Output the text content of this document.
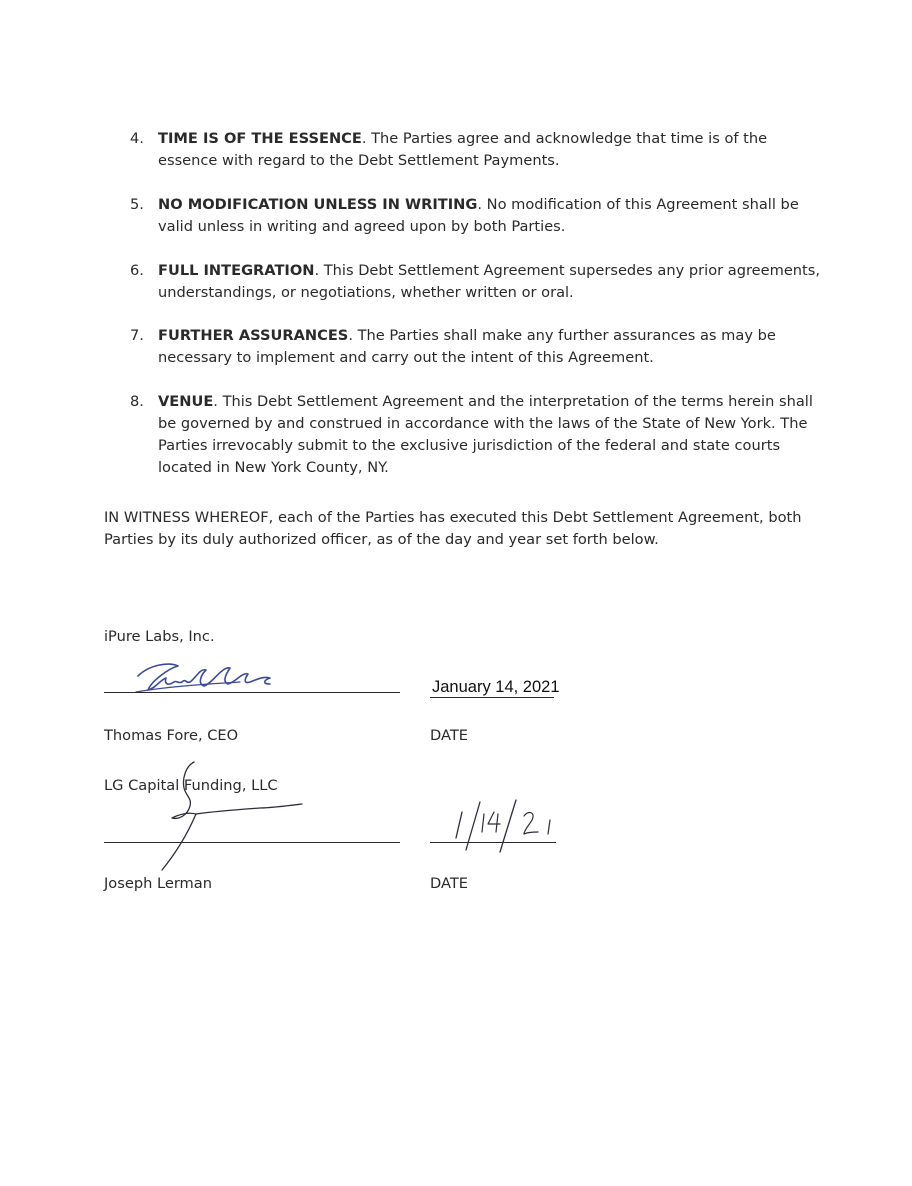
4. TIME IS OF THE ESSENCE. The Parties agree and acknowledge that time is of the essence with regard to the Debt Settlement Payments.
5. NO MODIFICATION UNLESS IN WRITING. No modification of this Agreement shall be valid unless in writing and agreed upon by both Parties.
6. FULL INTEGRATION. This Debt Settlement Agreement supersedes any prior agreements, understandings, or negotiations, whether written or oral.
7. FURTHER ASSURANCES. The Parties shall make any further assurances as may be necessary to implement and carry out the intent of this Agreement.
8. VENUE. This Debt Settlement Agreement and the interpretation of the terms herein shall be governed by and construed in accordance with the laws of the State of New York. The Parties irrevocably submit to the exclusive jurisdiction of the federal and state courts located in New York County, NY.
IN WITNESS WHEREOF, each of the Parties has executed this Debt Settlement Agreement, both Parties by its duly authorized officer, as of the day and year set forth below.
iPure Labs, Inc.
January 14, 2021
Thomas Fore, CEO	DATE
LG Capital Funding, LLC
Joseph Lerman	DATE
